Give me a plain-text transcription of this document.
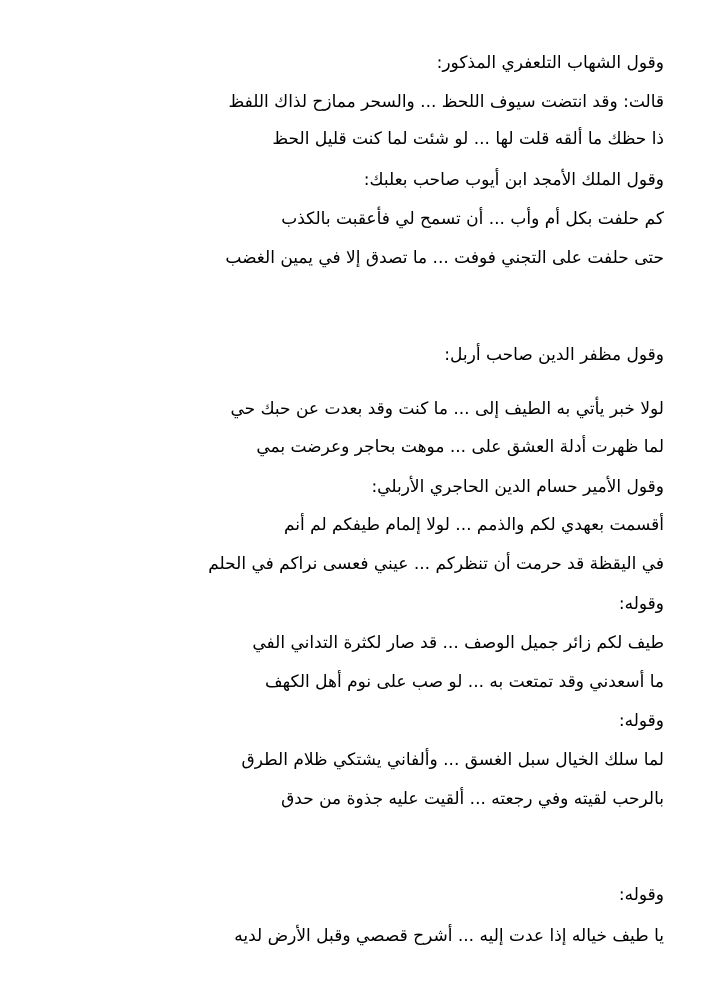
وقول الشهاب التلعفري المذكور:
قالت: وقد انتضت سيوف اللحظ ... والسحر ممازح لذاك اللفظ
ذا حظك ما ألقه قلت لها ... لو شئت لما كنت قليل الحظ
وقول الملك الأمجد ابن أيوب صاحب بعلبك:
كم حلفت بكل أم وأب ... أن تسمح لي فأعقبت بالكذب
حتى حلفت على التجني فوفت ... ما تصدق إلا في يمين الغضب
وقول مظفر الدين صاحب أربل:
لولا خبر يأتي به الطيف إلى ... ما كنت وقد بعدت عن حبك حي
لما ظهرت أدلة العشق على ... موهت بحاجر وعرضت بمي
وقول الأمير حسام الدين الحاجري الأربلي:
أقسمت بعهدي لكم والذمم ... لولا إلمام طيفكم لم أنم
في اليقظة قد حرمت أن تنظركم ... عيني فعسى نراكم في الحلم
وقوله:
طيف لكم زائر جميل الوصف ... قد صار لكثرة التداني الفي
ما أسعدني وقد تمتعت به ... لو صب على نوم أهل الكهف
وقوله:
لما سلك الخيال سبل الغسق ... وألفاني يشتكي ظلام الطرق
بالرحب لقيته وفي رجعته ... ألقيت عليه جذوة من حدق
وقوله:
يا طيف خياله إذا عدت إليه ... أشرح قصصي وقبل الأرض لديه
